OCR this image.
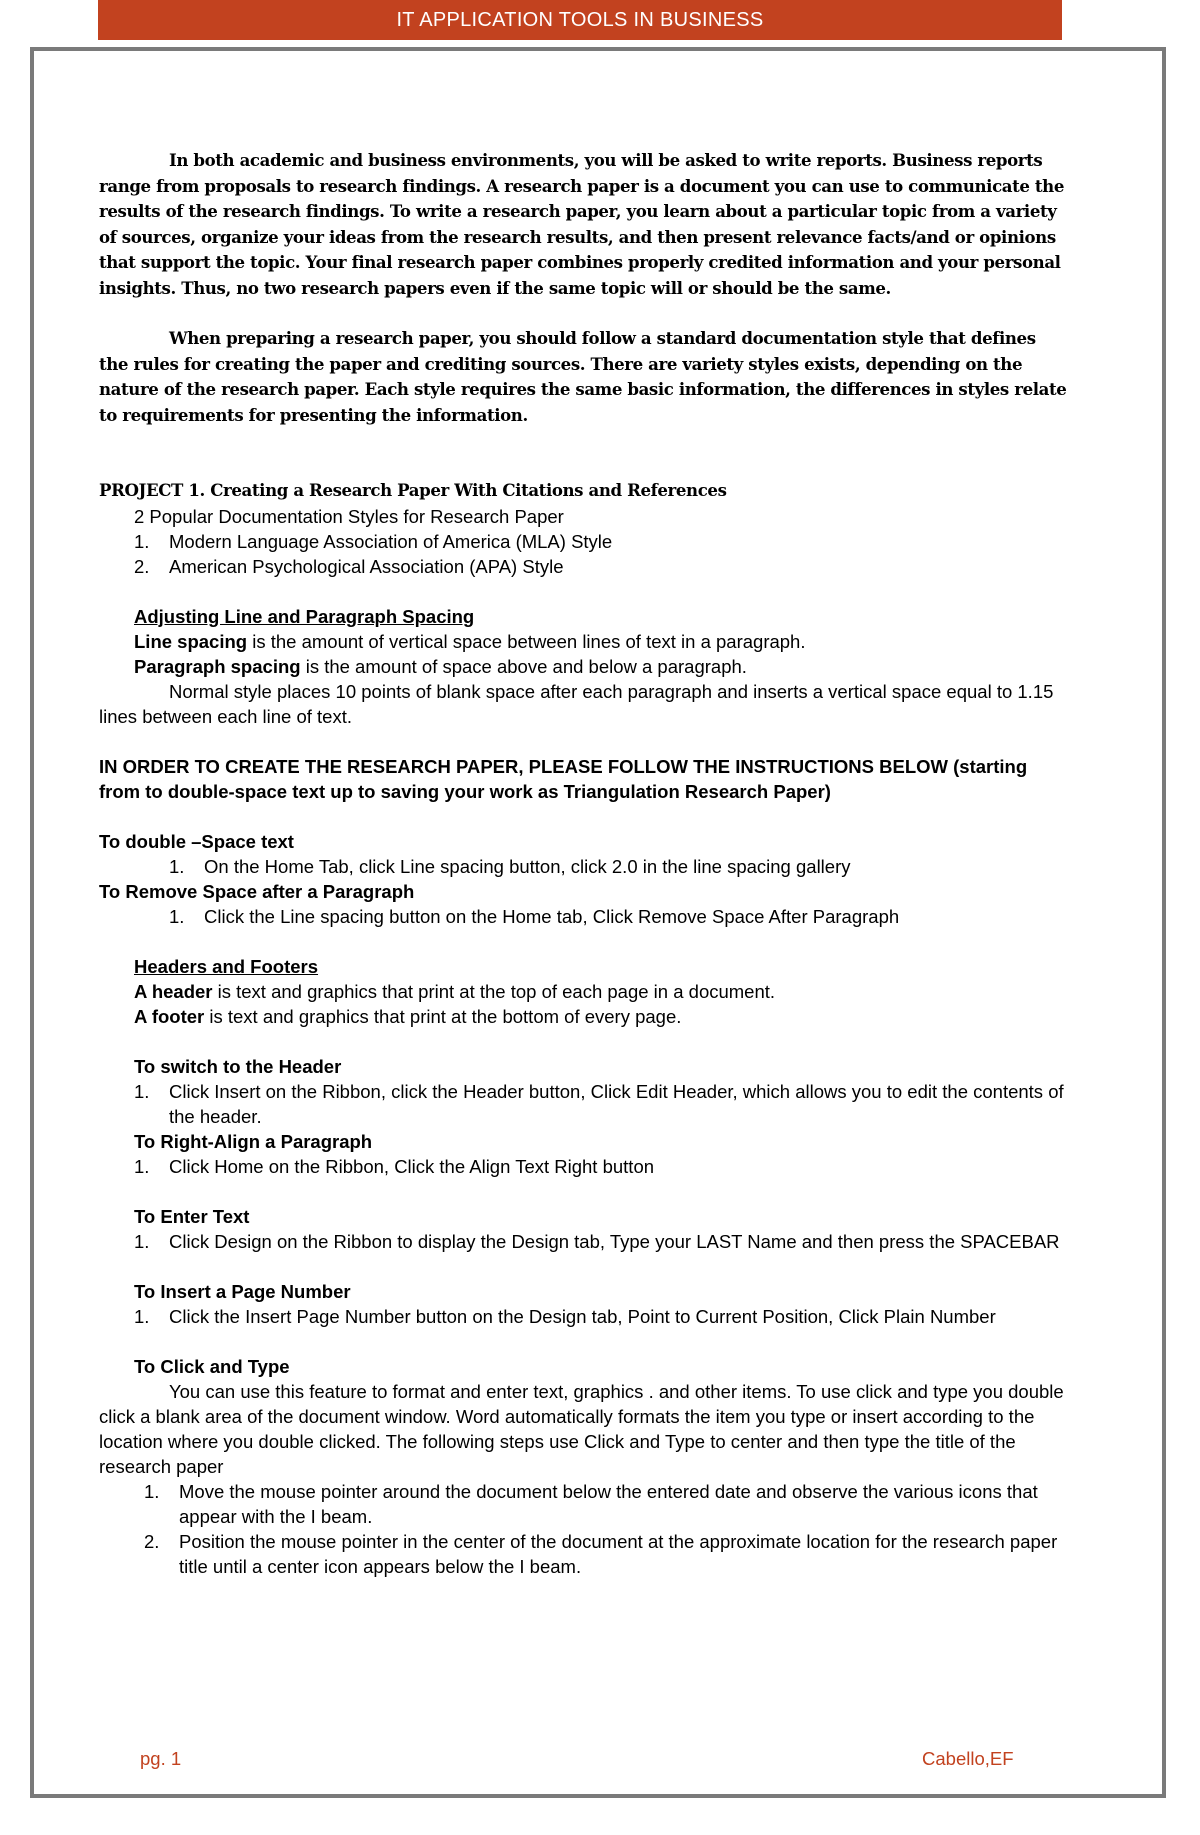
IT APPLICATION TOOLS IN BUSINESS

In both academic and business environments, you will be asked to write reports. Business reports range from proposals to research findings. A research paper is a document you can use to communicate the results of the research findings. To write a research paper, you learn about a particular topic from a variety of sources, organize your ideas from the research results, and then present relevance facts/and or opinions that support the topic. Your final research paper combines properly credited information and your personal insights. Thus, no two research papers even if the same topic will or should be the same.

When preparing a research paper, you should follow a standard documentation style that defines the rules for creating the paper and crediting sources. There are variety styles exists, depending on the nature of the research paper. Each style requires the same basic information, the differences in styles relate to requirements for presenting the information.

PROJECT 1. Creating a Research Paper With Citations and References

2 Popular Documentation Styles for Research Paper

1. Modern Language Association of America (MLA) Style

2. American Psychological Association (APA) Style

Adjusting Line and Paragraph Spacing

Line spacing is the amount of vertical space between lines of text in a paragraph.

Paragraph spacing is the amount of space above and below a paragraph.

Normal style places 10 points of blank space after each paragraph and inserts a vertical space equal to 1.15 lines between each line of text.

IN ORDER TO CREATE THE RESEARCH PAPER, PLEASE FOLLOW THE INSTRUCTIONS BELOW (starting from to double-space text up to saving your work as Triangulation Research Paper)

To double –Space text

1. On the Home Tab, click Line spacing button, click 2.0 in the line spacing gallery

To Remove Space after a Paragraph

1. Click the Line spacing button on the Home tab, Click Remove Space After Paragraph

Headers and Footers

A header is text and graphics that print at the top of each page in a document.

A footer is text and graphics that print at the bottom of every page.

To switch to the Header

1.	Click Insert on the Ribbon, click the Header button, Click Edit Header, which allows you to edit the contents of the header.

To Right-Align a Paragraph

1.	Click Home on the Ribbon, Click the Align Text Right button

To Enter Text

1.	Click Design on the Ribbon to display the Design tab, Type your LAST Name and then press the SPACEBAR

To Insert a Page Number

1.	Click the Insert Page Number button on the Design tab, Point to Current Position, Click Plain Number

To Click and Type

You can use this feature to format and enter text, graphics . and other items. To use click and type you double click a blank area of the document window. Word automatically formats the item you type or insert according to the location where you double clicked. The following steps use Click and Type to center and then type the title of the research paper

1.	Move the mouse pointer around the document below the entered date and observe the various icons that appear with the I beam.
2.	Position the mouse pointer in the center of the document at the approximate location for the research paper title until a center icon appears below the I beam.
pg. 1	Cabello,EF
